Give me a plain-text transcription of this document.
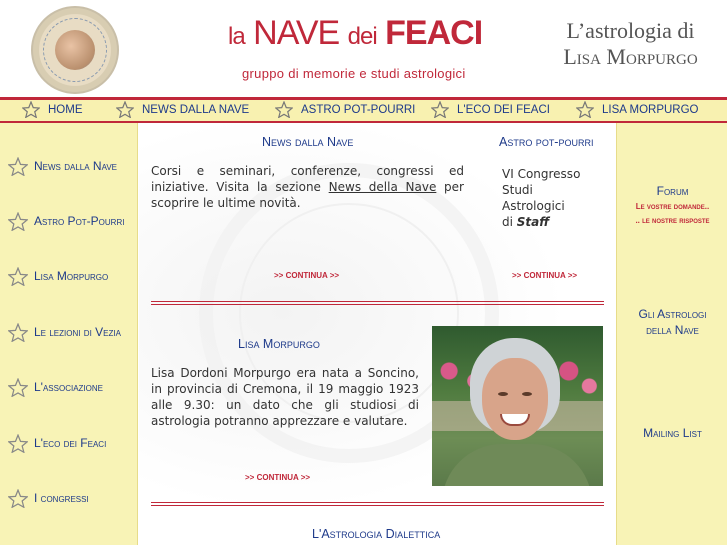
la NAVE dei FEACI
gruppo di memorie e studi astrologici
L’astrologia di
Lisa Morpurgo
HOME	NEWS DALLA NAVE	ASTRO POT-POURRI	L'ECO DEI FEACI	LISA MORPURGO
News dalla Nave
Astro Pot-Pourri
Lisa Morpurgo
Le lezioni di Vezia
L'associazione
L'eco dei Feaci
I congressi
News dalla Nave
Corsi e seminari, conferenze, congressi ed iniziative. Visita la sezione News della Nave per scoprire le ultime novità.
>> CONTINUA >>
Astro pot-pourri
VI Congresso
Studi
Astrologici
di Staff
>> CONTINUA >>
Lisa Morpurgo
Lisa Dordoni Morpurgo era nata a Soncino, in provincia di Cremona, il 19 maggio 1923 alle 9.30: un dato che gli studiosi di astrologia potranno apprezzare e valutare.
>> CONTINUA >>
L'Astrologia Dialettica
Forum
Le vostre domande..
.. le nostre risposte
Gli Astrologi
della Nave
Mailing List
